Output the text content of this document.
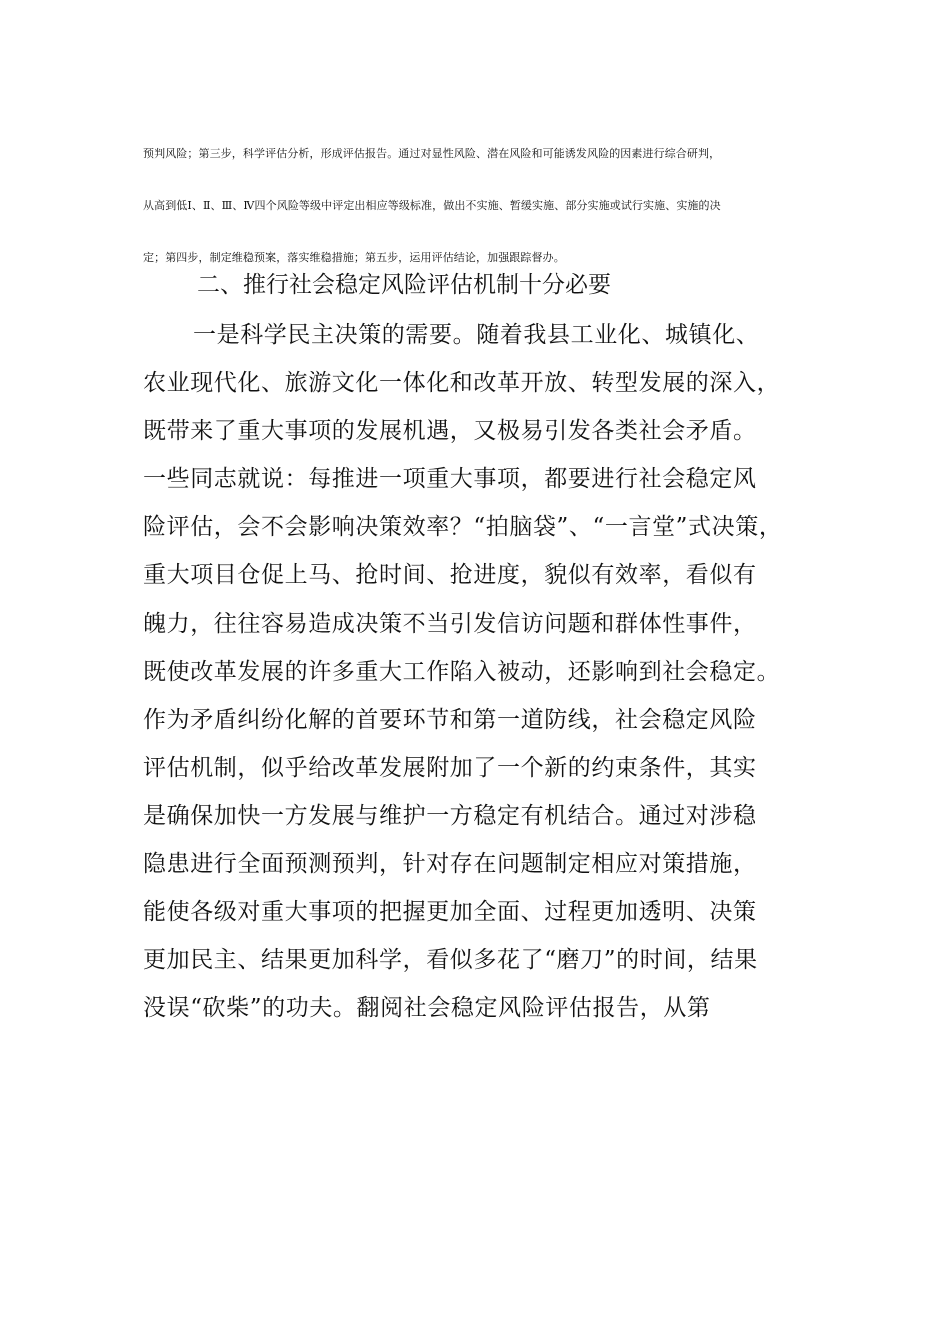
预判风险；第三步，科学评估分析，形成评估报告。通过对显性风险、潜在风险和可能诱发风险的因素进行综合研判，
从高到低Ⅰ、Ⅱ、Ⅲ、Ⅳ四个风险等级中评定出相应等级标准，做出不实施、暂缓实施、部分实施或试行实施、实施的决
定；第四步，制定维稳预案，落实维稳措施；第五步，运用评估结论，加强跟踪督办。
二、推行社会稳定风险评估机制十分必要
一是科学民主决策的需要。随着我县工业化、城镇化、
农业现代化、旅游文化一体化和改革开放、转型发展的深入，
既带来了重大事项的发展机遇，又极易引发各类社会矛盾。
一些同志就说：每推进一项重大事项，都要进行社会稳定风
险评估，会不会影响决策效率？“拍脑袋”、“一言堂”式决策，
重大项目仓促上马、抢时间、抢进度，貌似有效率，看似有
魄力，往往容易造成决策不当引发信访问题和群体性事件，
既使改革发展的许多重大工作陷入被动，还影响到社会稳定。
作为矛盾纠纷化解的首要环节和第一道防线，社会稳定风险
评估机制，似乎给改革发展附加了一个新的约束条件，其实
是确保加快一方发展与维护一方稳定有机结合。通过对涉稳
隐患进行全面预测预判，针对存在问题制定相应对策措施，
能使各级对重大事项的把握更加全面、过程更加透明、决策
更加民主、结果更加科学，看似多花了“磨刀”的时间，结果
没误“砍柴”的功夫。翻阅社会稳定风险评估报告，从第
